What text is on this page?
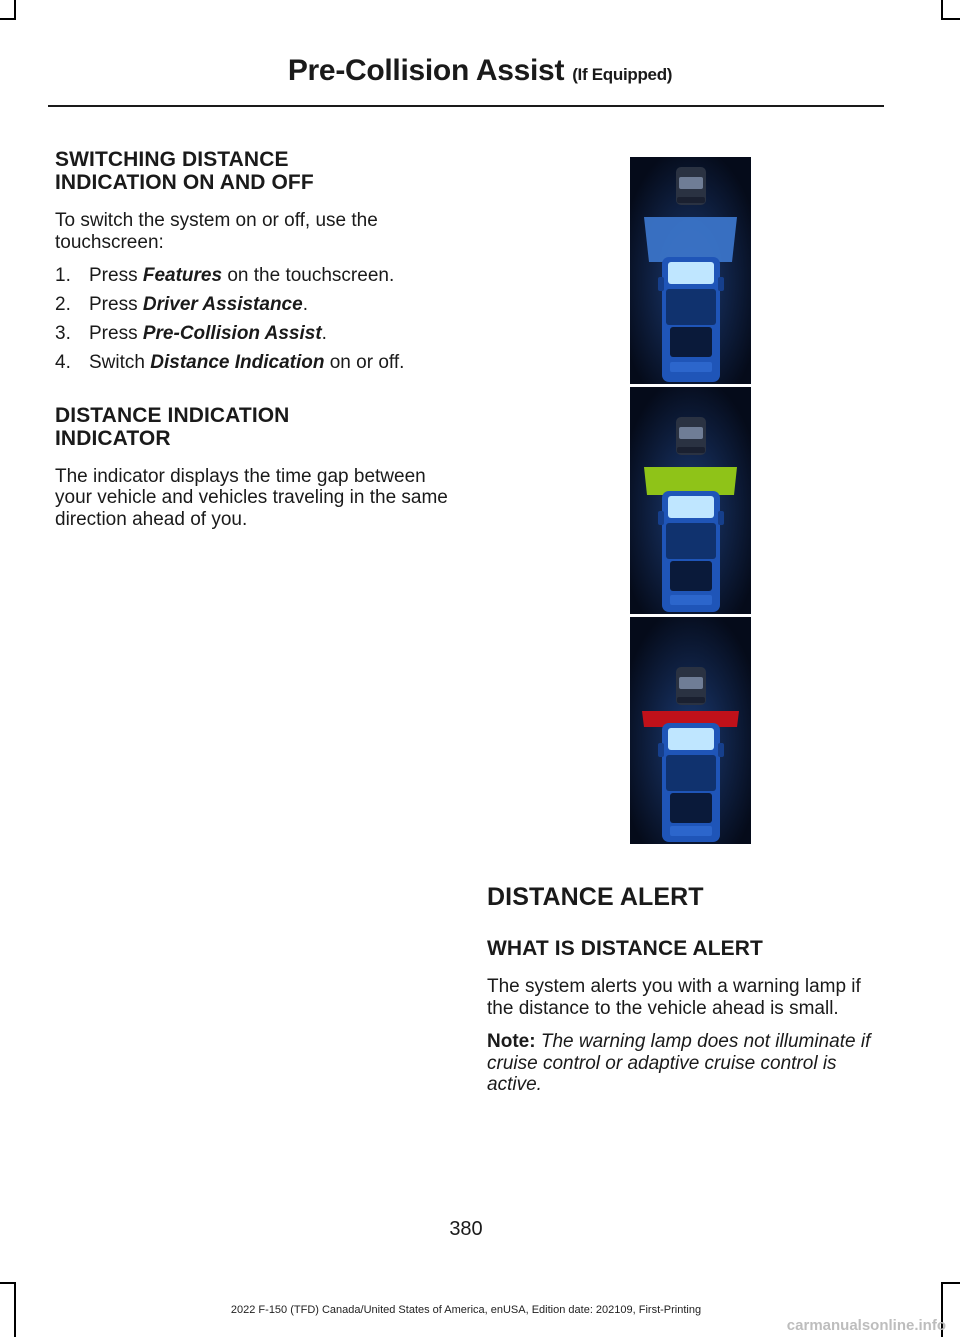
Pre-Collision Assist (If Equipped)
SWITCHING DISTANCE
INDICATION ON AND OFF

To switch the system on or off, use the touchscreen:

1. Press Features on the touchscreen.
2. Press Driver Assistance.
3. Press Pre-Collision Assist.
4. Switch Distance Indication on or off.
DISTANCE INDICATION
INDICATOR

The indicator displays the time gap between your vehicle and vehicles traveling in the same direction ahead of you.

DISTANCE ALERT
WHAT IS DISTANCE ALERT

The system alerts you with a warning lamp if the distance to the vehicle ahead is small.

Note: The warning lamp does not illuminate if cruise control or adaptive cruise control is active.

380
2022 F-150 (TFD) Canada/United States of America, enUSA, Edition date: 202109, First-Printing
carmanualsonline.info
